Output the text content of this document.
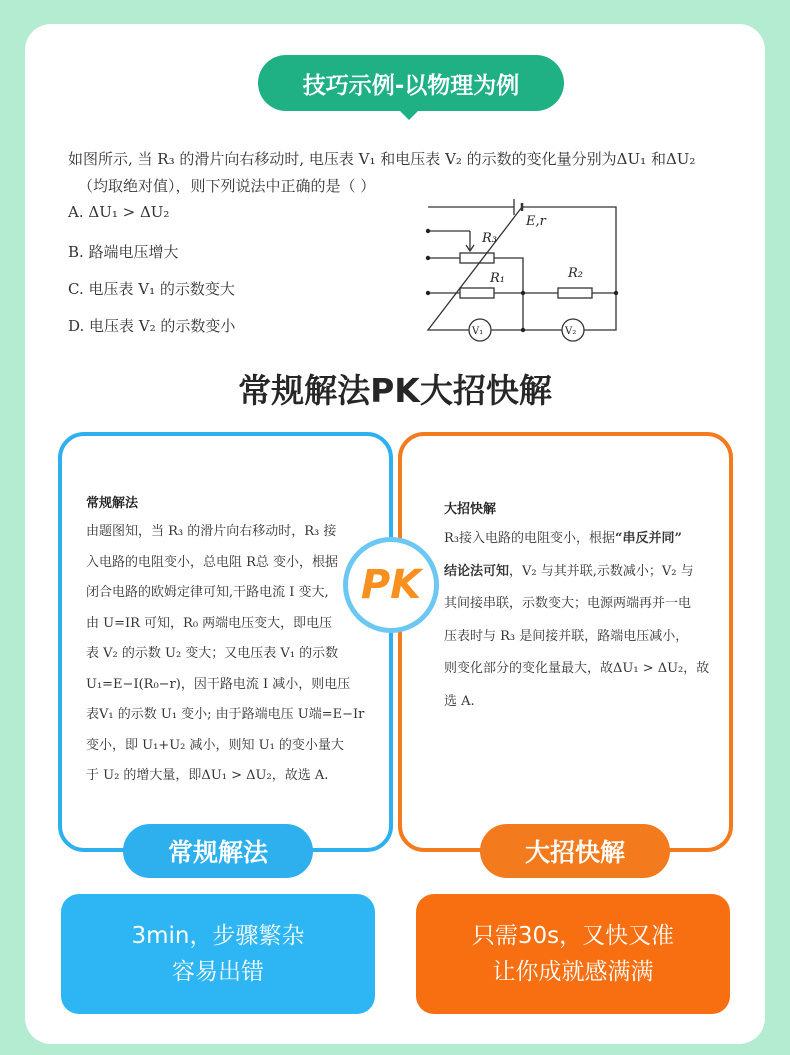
技巧示例-以物理为例
如图所示, 当 R₃ 的滑片向右移动时, 电压表 V₁ 和电压表 V₂ 的示数的变化量分别为ΔU₁ 和ΔU₂
（均取绝对值），则下列说法中正确的是（ ）
A. ΔU₁ > ΔU₂
B. 路端电压增大
C. 电压表 V₁ 的示数变大
D. 电压表 V₂ 的示数变小
E,r
R₃
R₁	R₂
V₁	V₂
常规解法PK大招快解
常规解法
由题图知，当 R₃ 的滑片向右移动时，R₃ 接
入电路的电阻变小，总电阻 R总 变小，根据
闭合电路的欧姆定律可知,干路电流 I 变大,
由 U=IR 可知，R₀ 两端电压变大，即电压
表 V₂ 的示数 U₂ 变大；又电压表 V₁ 的示数
U₁=E−I(R₀−r)，因干路电流 I 减小，则电压
表V₁ 的示数 U₁ 变小; 由于路端电压 U端=E−Ir
变小，即 U₁+U₂ 减小，则知 U₁ 的变小量大
于 U₂ 的增大量，即ΔU₁ > ΔU₂，故选 A.
大招快解
R₃接入电路的电阻变小，根据“串反并同”
结论法可知，V₂ 与其并联,示数减小；V₂ 与
其间接串联，示数变大；电源两端再并一电
压表时与 R₃ 是间接并联，路端电压减小，
则变化部分的变化量最大，故ΔU₁ > ΔU₂，故
选 A.
PK
常规解法	大招快解
3min，步骤繁杂
容易出错
只需30s，又快又准
让你成就感满满
